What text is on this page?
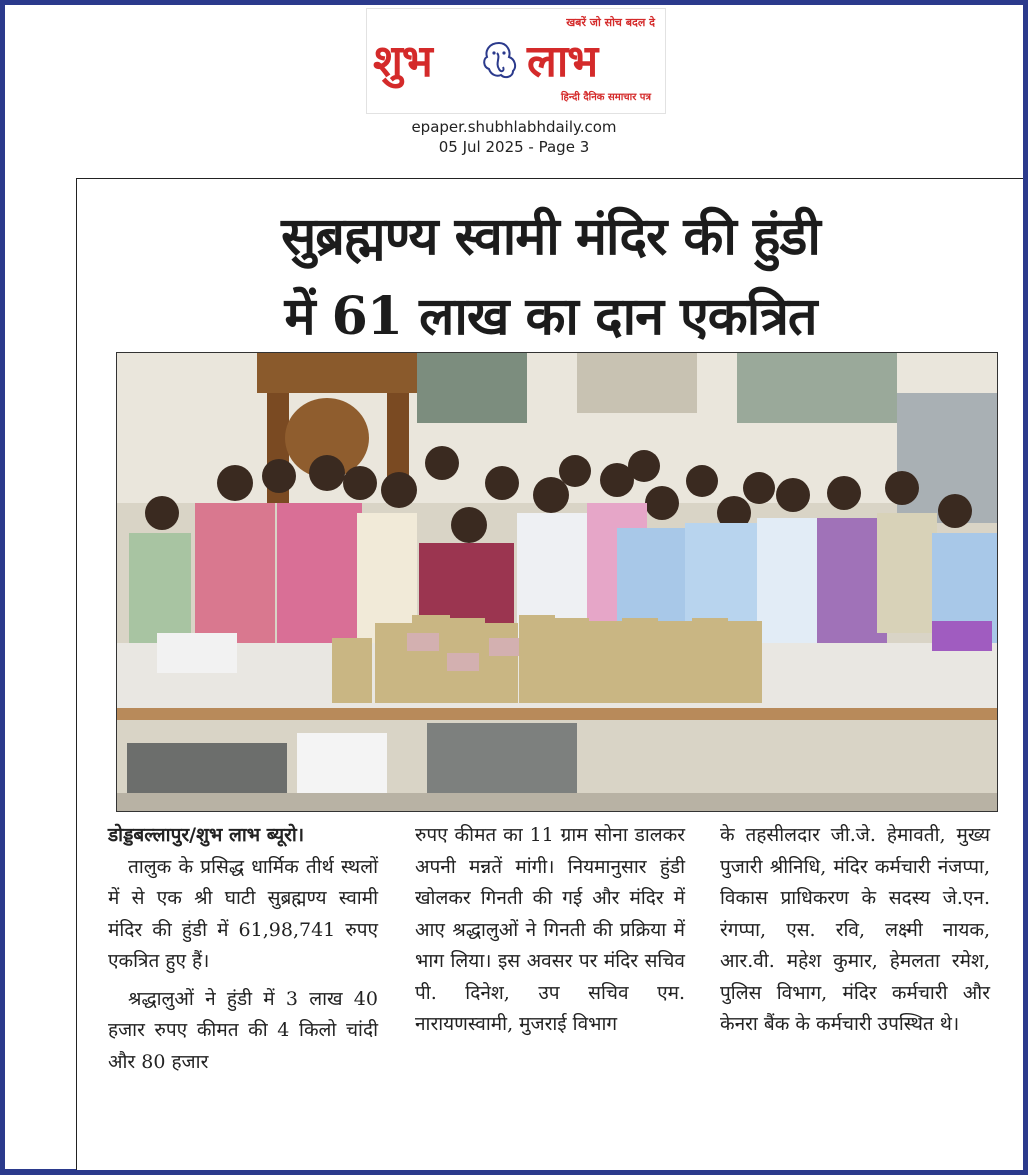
खबरें जो सोच बदल दे
शुभ लाभ
हिन्दी दैनिक समाचार पत्र
epaper.shubhlabhdaily.com
05 Jul 2025 - Page 3
सुब्रह्मण्य स्वामी मंदिर की हुंडी
में 61 लाख का दान एकत्रित

डोड्डबल्लापुर/शुभ लाभ ब्यूरो।

तालुक के प्रसिद्ध धार्मिक तीर्थ स्थलों में से एक श्री घाटी सुब्रह्मण्य स्वामी मंदिर की हुंडी में 61,98,741 रुपए एकत्रित हुए हैं।

श्रद्धालुओं ने हुंडी में 3 लाख 40 हजार रुपए कीमत की 4 किलो चांदी और 80 हजार

रुपए कीमत का 11 ग्राम सोना डालकर अपनी मन्नतें मांगी। नियमानुसार हुंडी खोलकर गिनती की गई और मंदिर में आए श्रद्धालुओं ने गिनती की प्रक्रिया में भाग लिया। इस अवसर पर मंदिर सचिव पी. दिनेश, उप सचिव एम. नारायणस्वामी, मुजराई विभाग

के तहसीलदार जी.जे. हेमावती, मुख्य पुजारी श्रीनिधि, मंदिर कर्मचारी नंजप्पा, विकास प्राधिकरण के सदस्य जे.एन. रंगप्पा, एस. रवि, लक्ष्मी नायक, आर.वी. महेश कुमार, हेमलता रमेश, पुलिस विभाग, मंदिर कर्मचारी और केनरा बैंक के कर्मचारी उपस्थित थे।
